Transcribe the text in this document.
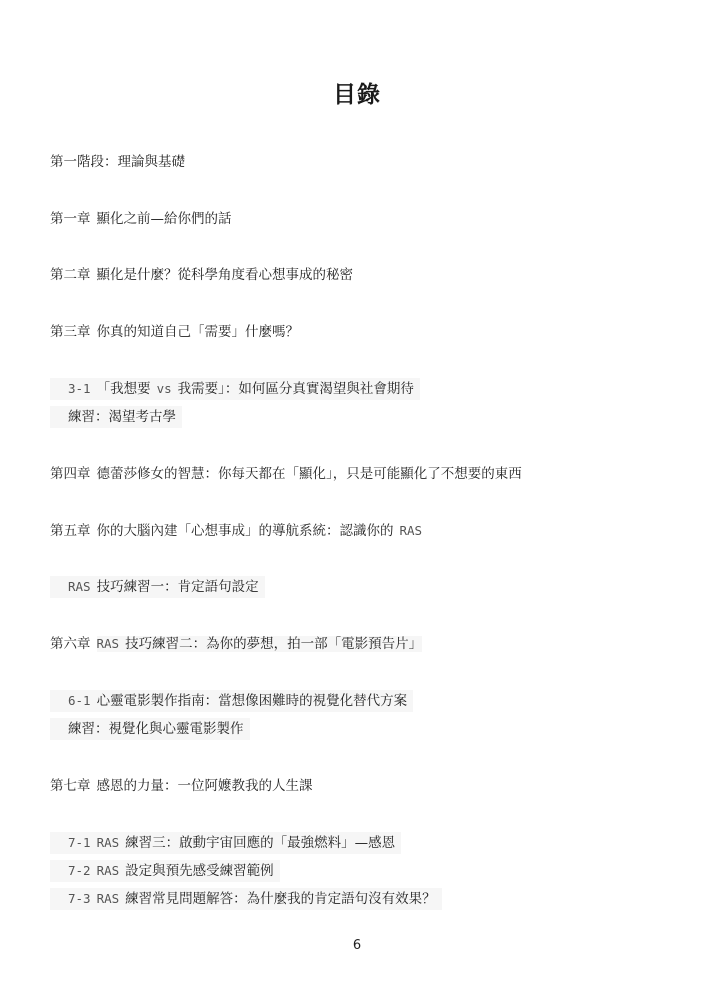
目錄
第一階段：理論與基礎
第一章 顯化之前—給你們的話
第二章 顯化是什麼？從科學角度看心想事成的秘密
第三章 你真的知道自己「需要」什麼嗎？
3-1 「我想要 vs 我需要」：如何區分真實渴望與社會期待
練習：渴望考古學
第四章 德蕾莎修女的智慧：你每天都在「顯化」，只是可能顯化了不想要的東西
第五章 你的大腦內建「心想事成」的導航系統：認識你的 RAS
RAS 技巧練習一：肯定語句設定
第六章 RAS 技巧練習二：為你的夢想，拍一部「電影預告片」
6-1 心靈電影製作指南：當想像困難時的視覺化替代方案
練習：視覺化與心靈電影製作
第七章 感恩的力量：一位阿嬤教我的人生課
7-1 RAS 練習三：啟動宇宙回應的「最強燃料」—感恩
7-2 RAS 設定與預先感受練習範例
7-3 RAS 練習常見問題解答：為什麼我的肯定語句沒有效果？
6
